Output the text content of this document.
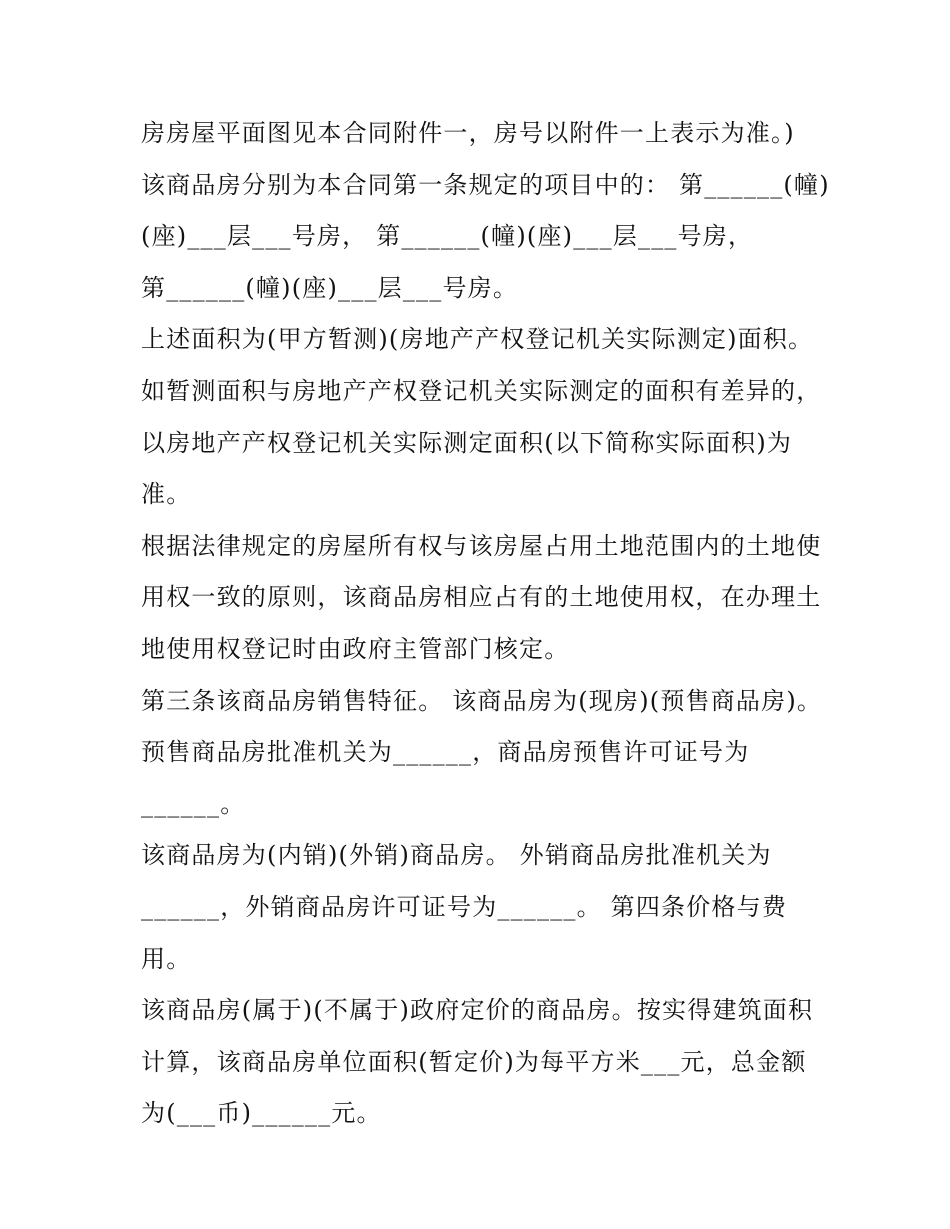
房房屋平面图见本合同附件一，房号以附件一上表示为准。)
该商品房分别为本合同第一条规定的项目中的： 第______(幢)
(座)___层___号房， 第______(幢)(座)___层___号房，
第______(幢)(座)___层___号房。
上述面积为(甲方暂测)(房地产产权登记机关实际测定)面积。
如暂测面积与房地产产权登记机关实际测定的面积有差异的，
以房地产产权登记机关实际测定面积(以下简称实际面积)为
准。
根据法律规定的房屋所有权与该房屋占用土地范围内的土地使
用权一致的原则，该商品房相应占有的土地使用权，在办理土
地使用权登记时由政府主管部门核定。
第三条该商品房销售特征。 该商品房为(现房)(预售商品房)。
预售商品房批准机关为______，商品房预售许可证号为
______。
该商品房为(内销)(外销)商品房。 外销商品房批准机关为
______，外销商品房许可证号为______。 第四条价格与费
用。
该商品房(属于)(不属于)政府定价的商品房。按实得建筑面积
计算，该商品房单位面积(暂定价)为每平方米___元，总金额
为(___币)______元。
